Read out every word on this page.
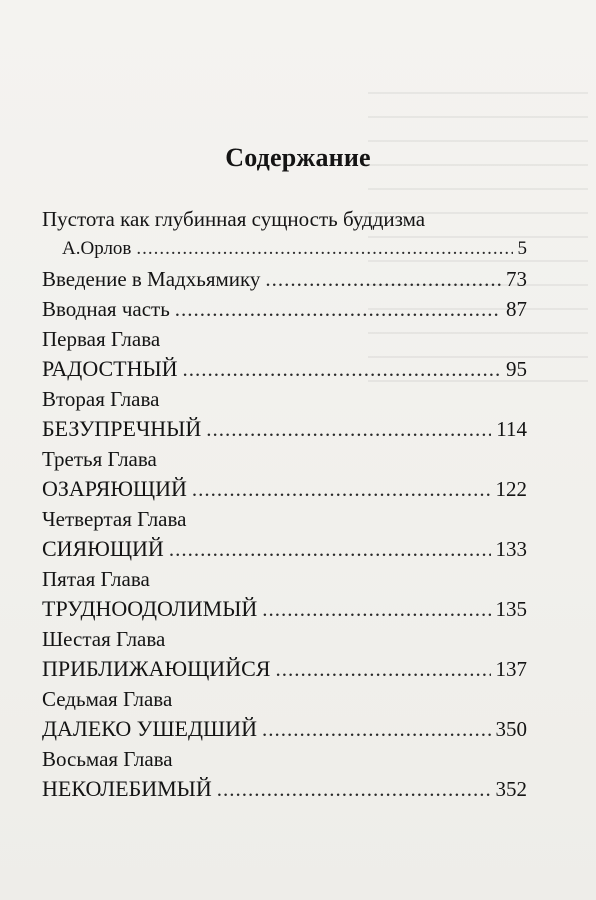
Содержание
Пустота как глубинная сущность буддизма
А.Орлов .....	5
Введение в Мадхьямику .....	73
Вводная часть .....	87
Первая Глава
РАДОСТНЫЙ .....	95
Вторая Глава
БЕЗУПРЕЧНЫЙ .....	114
Третья Глава
ОЗАРЯЮЩИЙ .....	122
Четвертая Глава
СИЯЮЩИЙ .....	133
Пятая Глава
ТРУДНООДОЛИМЫЙ .....	135
Шестая Глава
ПРИБЛИЖАЮЩИЙСЯ .....	137
Седьмая Глава
ДАЛЕКО УШЕДШИЙ .....	350
Восьмая Глава
НЕКОЛЕБИМЫЙ .....	352
